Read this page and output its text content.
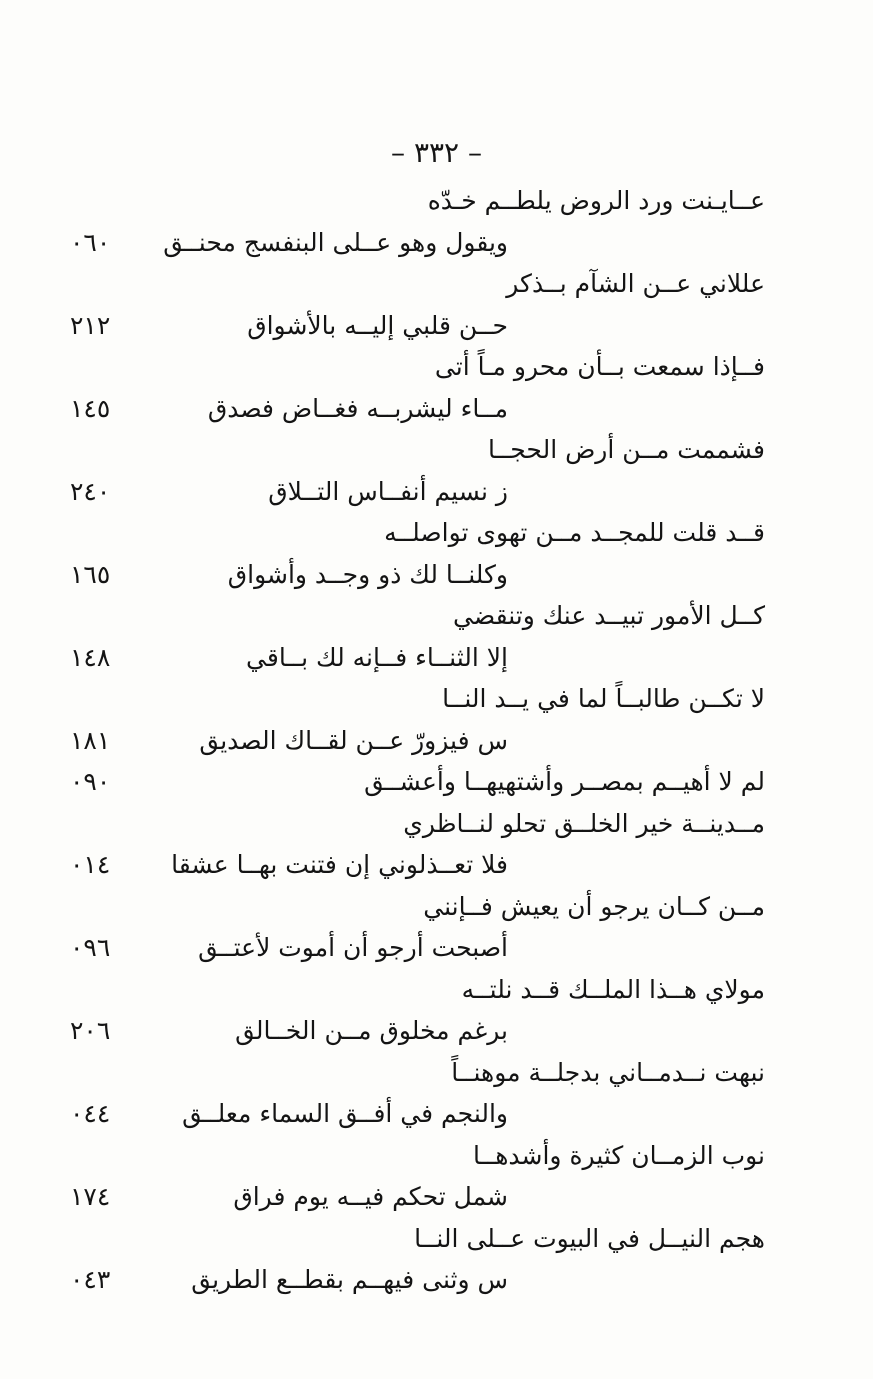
– ٣٣٢ –
عــايـنت ورد الروض يلطــم خـدّه
ويقول وهو عــلى البنفسج محنــق
٠٦٠
عللاني عــن الشآم بــذكر
حــن قلبي إليــه بالأشواق
٢١٢
فــإذا سمعت بــأن محرو مـاً أتى
مــاء ليشربــه فغــاض فصدق
١٤٥
فشممت مــن أرض الحجــا
ز نسيم أنفــاس التــلاق
٢٤٠
قــد قلت للمجــد مــن تهوى تواصلــه
وكلنــا لك ذو وجــد وأشواق
١٦٥
كــل الأمور تبيــد عنك وتنقضي
إلا الثنــاء فــإنه لك بــاقي
١٤٨
لا تكــن طالبــاً لما في يــد النــا
س فيزورّ عــن لقــاك الصديق
١٨١
لم لا أهيــم بمصــر وأشتهيهــا وأعشــق
٠٩٠
مــدينــة خير الخلــق تحلو لنــاظري
فلا تعــذلوني إن فتنت بهــا عشقا
٠١٤
مــن كــان يرجو أن يعيش فــإنني
أصبحت أرجو أن أموت لأعتــق
٠٩٦
مولاي هــذا الملــك قــد نلتــه
برغم مخلوق مــن الخــالق
٢٠٦
نبهت نــدمــاني بدجلــة موهنــاً
والنجم في أفــق السماء معلــق
٠٤٤
نوب الزمــان كثيرة وأشدهــا
شمل تحكم فيــه يوم فراق
١٧٤
هجم النيــل في البيوت عــلى النــا
س وثنى فيهــم بقطــع الطريق
٠٤٣
